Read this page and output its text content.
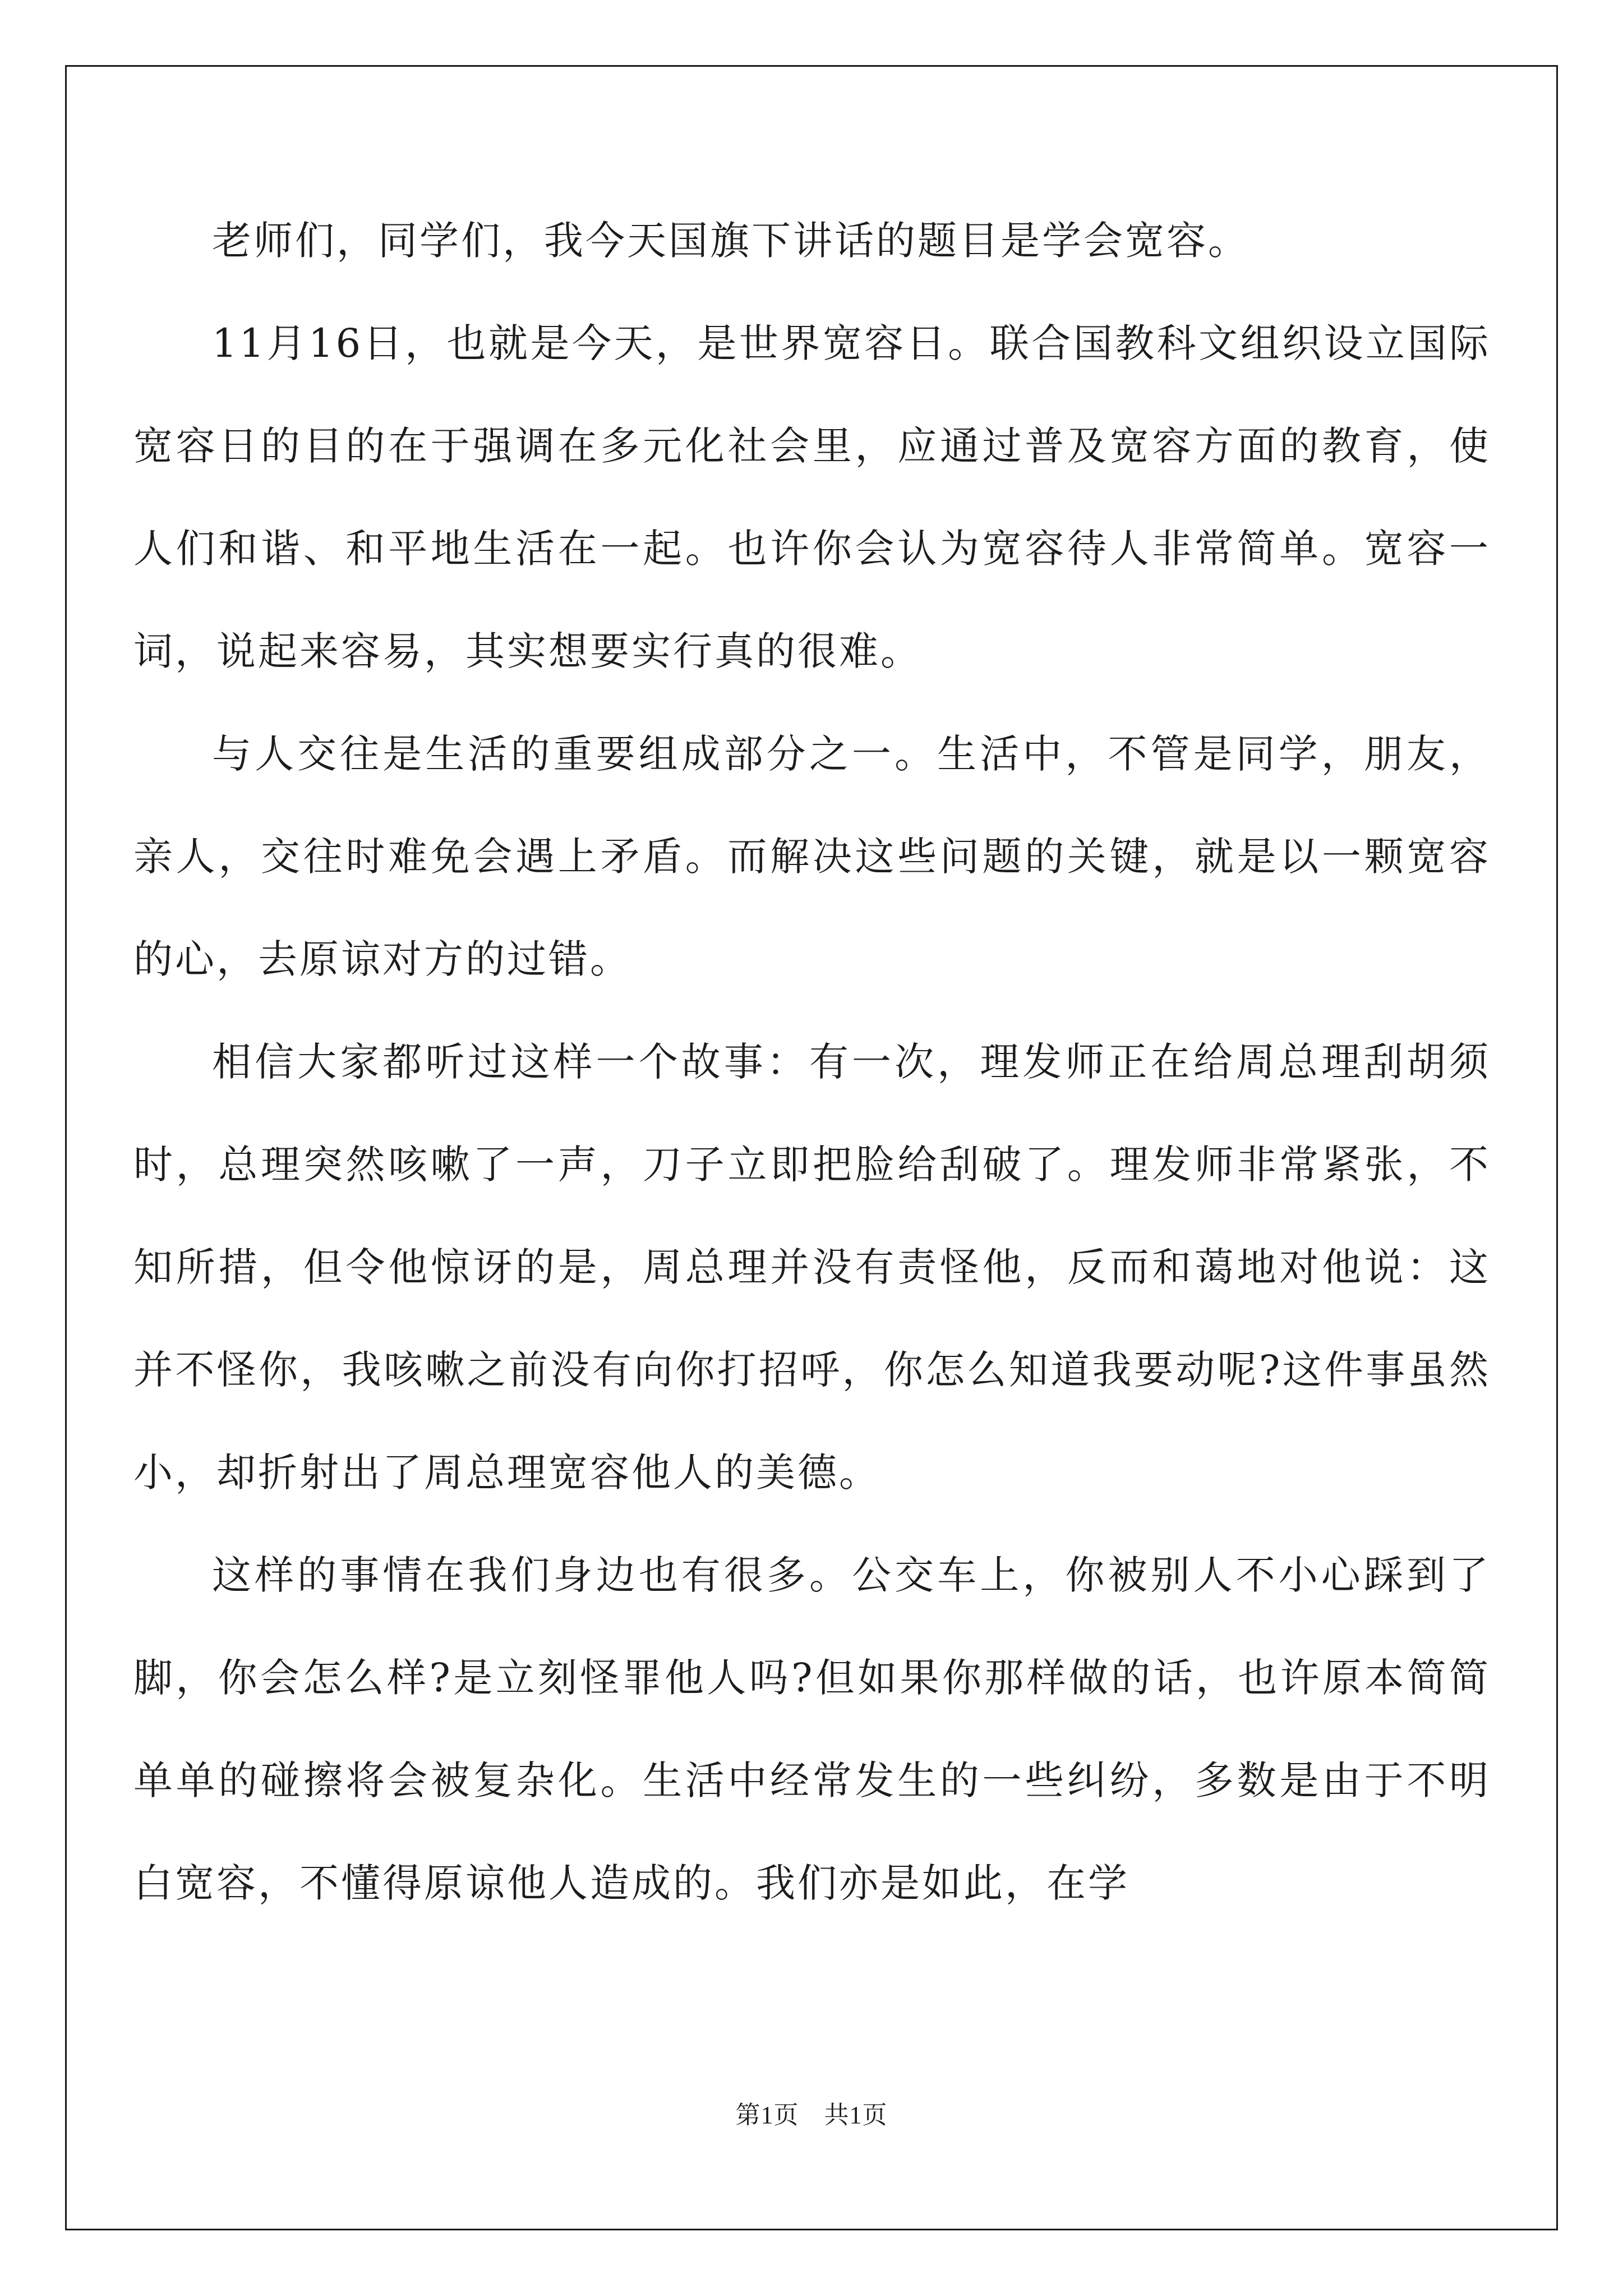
老师们，同学们，我今天国旗下讲话的题目是学会宽容。

11月16日，也就是今天，是世界宽容日。联合国教科文组织设立国际宽容日的目的在于强调在多元化社会里，应通过普及宽容方面的教育，使人们和谐、和平地生活在一起。也许你会认为宽容待人非常简单。宽容一词，说起来容易，其实想要实行真的很难。

与人交往是生活的重要组成部分之一。生活中，不管是同学，朋友，亲人，交往时难免会遇上矛盾。而解决这些问题的关键，就是以一颗宽容的心，去原谅对方的过错。

相信大家都听过这样一个故事：有一次，理发师正在给周总理刮胡须时，总理突然咳嗽了一声，刀子立即把脸给刮破了。理发师非常紧张，不知所措，但令他惊讶的是，周总理并没有责怪他，反而和蔼地对他说：这并不怪你，我咳嗽之前没有向你打招呼，你怎么知道我要动呢?这件事虽然小，却折射出了周总理宽容他人的美德。

这样的事情在我们身边也有很多。公交车上，你被别人不小心踩到了脚，你会怎么样?是立刻怪罪他人吗?但如果你那样做的话，也许原本简简单单的碰擦将会被复杂化。生活中经常发生的一些纠纷，多数是由于不明白宽容，不懂得原谅他人造成的。我们亦是如此，在学

第1页　共1页
